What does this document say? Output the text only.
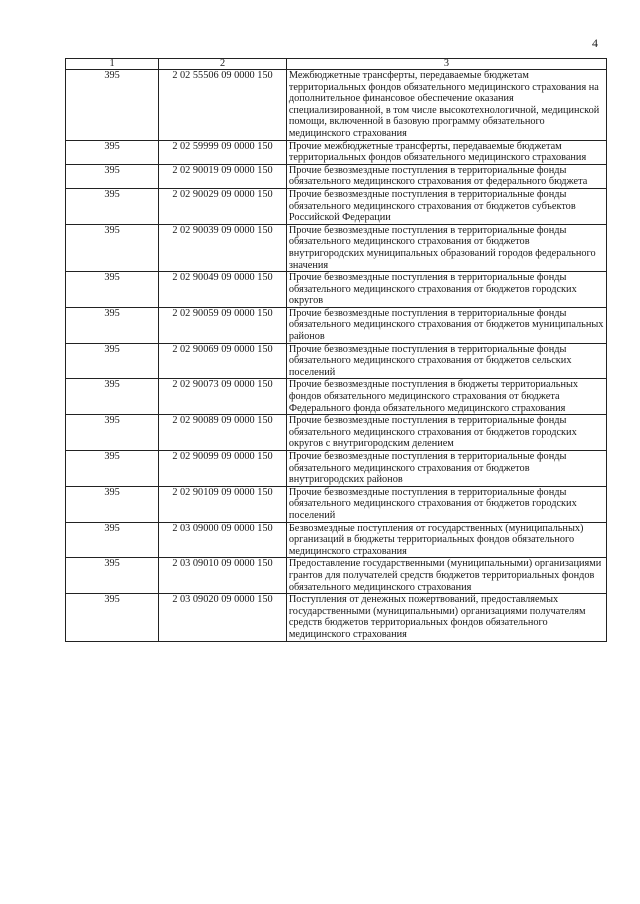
4
1	2	3
395	2 02 55506 09 0000 150	Межбюджетные трансферты, передаваемые бюджетам территориальных фондов обязательного медицинского страхования на дополнительное финансовое обеспечение оказания специализированной, в том числе высокотехнологичной, медицинской помощи, включенной в базовую программу обязательного медицинского страхования
395	2 02 59999 09 0000 150	Прочие межбюджетные трансферты, передаваемые бюджетам территориальных фондов обязательного медицинского страхования
395	2 02 90019 09 0000 150	Прочие безвозмездные поступления в территориальные фонды обязательного медицинского страхования от федерального бюджета
395	2 02 90029 09 0000 150	Прочие безвозмездные поступления в территориальные фонды обязательного медицинского страхования от бюджетов субъектов Российской Федерации
395	2 02 90039 09 0000 150	Прочие безвозмездные поступления в территориальные фонды обязательного медицинского страхования от бюджетов внутригородских муниципальных образований городов федерального значения
395	2 02 90049 09 0000 150	Прочие безвозмездные поступления в территориальные фонды обязательного медицинского страхования от бюджетов городских округов
395	2 02 90059 09 0000 150	Прочие безвозмездные поступления в территориальные фонды обязательного медицинского страхования от бюджетов муниципальных районов
395	2 02 90069 09 0000 150	Прочие безвозмездные поступления в территориальные фонды обязательного медицинского страхования от бюджетов сельских поселений
395	2 02 90073 09 0000 150	Прочие безвозмездные поступления в бюджеты территориальных фондов обязательного медицинского страхования от бюджета Федерального фонда обязательного медицинского страхования
395	2 02 90089 09 0000 150	Прочие безвозмездные поступления в территориальные фонды обязательного медицинского страхования от бюджетов городских округов с внутригородским делением
395	2 02 90099 09 0000 150	Прочие безвозмездные поступления в территориальные фонды обязательного медицинского страхования от бюджетов внутригородских районов
395	2 02 90109 09 0000 150	Прочие безвозмездные поступления в территориальные фонды обязательного медицинского страхования от бюджетов городских поселений
395	2 03 09000 09 0000 150	Безвозмездные поступления от государственных (муниципальных) организаций в бюджеты территориальных фондов обязательного медицинского страхования
395	2 03 09010 09 0000 150	Предоставление государственными (муниципальными) организациями грантов для получателей средств бюджетов территориальных фондов обязательного медицинского страхования
395	2 03 09020 09 0000 150	Поступления от денежных пожертвований, предоставляемых государственными (муниципальными) организациями получателям средств бюджетов территориальных фондов обязательного медицинского страхования
